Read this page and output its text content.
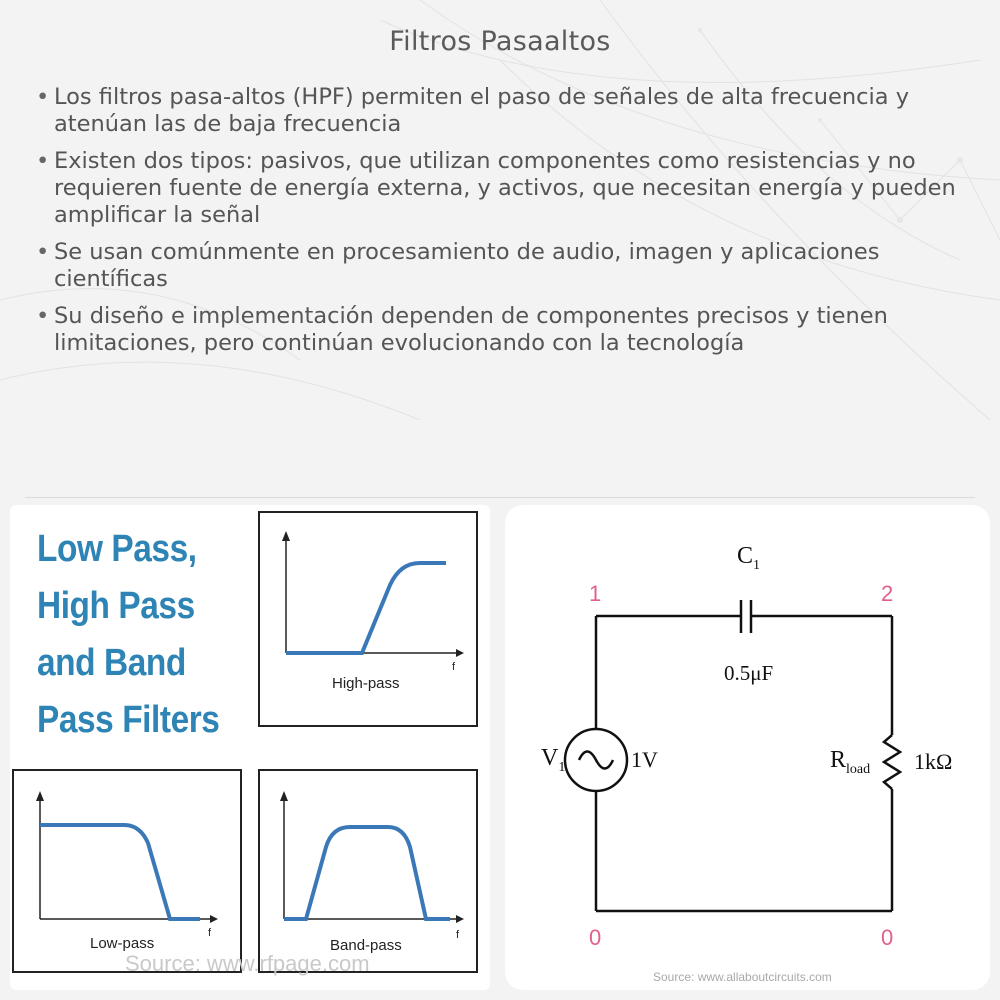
Filtros Pasaaltos
• Los filtros pasa-altos (HPF) permiten el paso de señales de alta frecuencia y atenúan las de baja frecuencia
• Existen dos tipos: pasivos, que utilizan componentes como resistencias y no requieren fuente de energía externa, y activos, que necesitan energía y pueden amplificar la señal
• Se usan comúnmente en procesamiento de audio, imagen y aplicaciones científicas
• Su diseño e implementación dependen de componentes precisos y tienen limitaciones, pero continúan evolucionando con la tecnología
Low Pass,
High Pass
and Band
Pass Filters
High-pass
f
Low-pass
f
Band-pass
f
Source: www.rfpage.com
1	2
0	0
$C_1$
0.5μF
$V_1$	1V	$R_{load}$ 1kΩ
Source: www.allaboutcircuits.com
